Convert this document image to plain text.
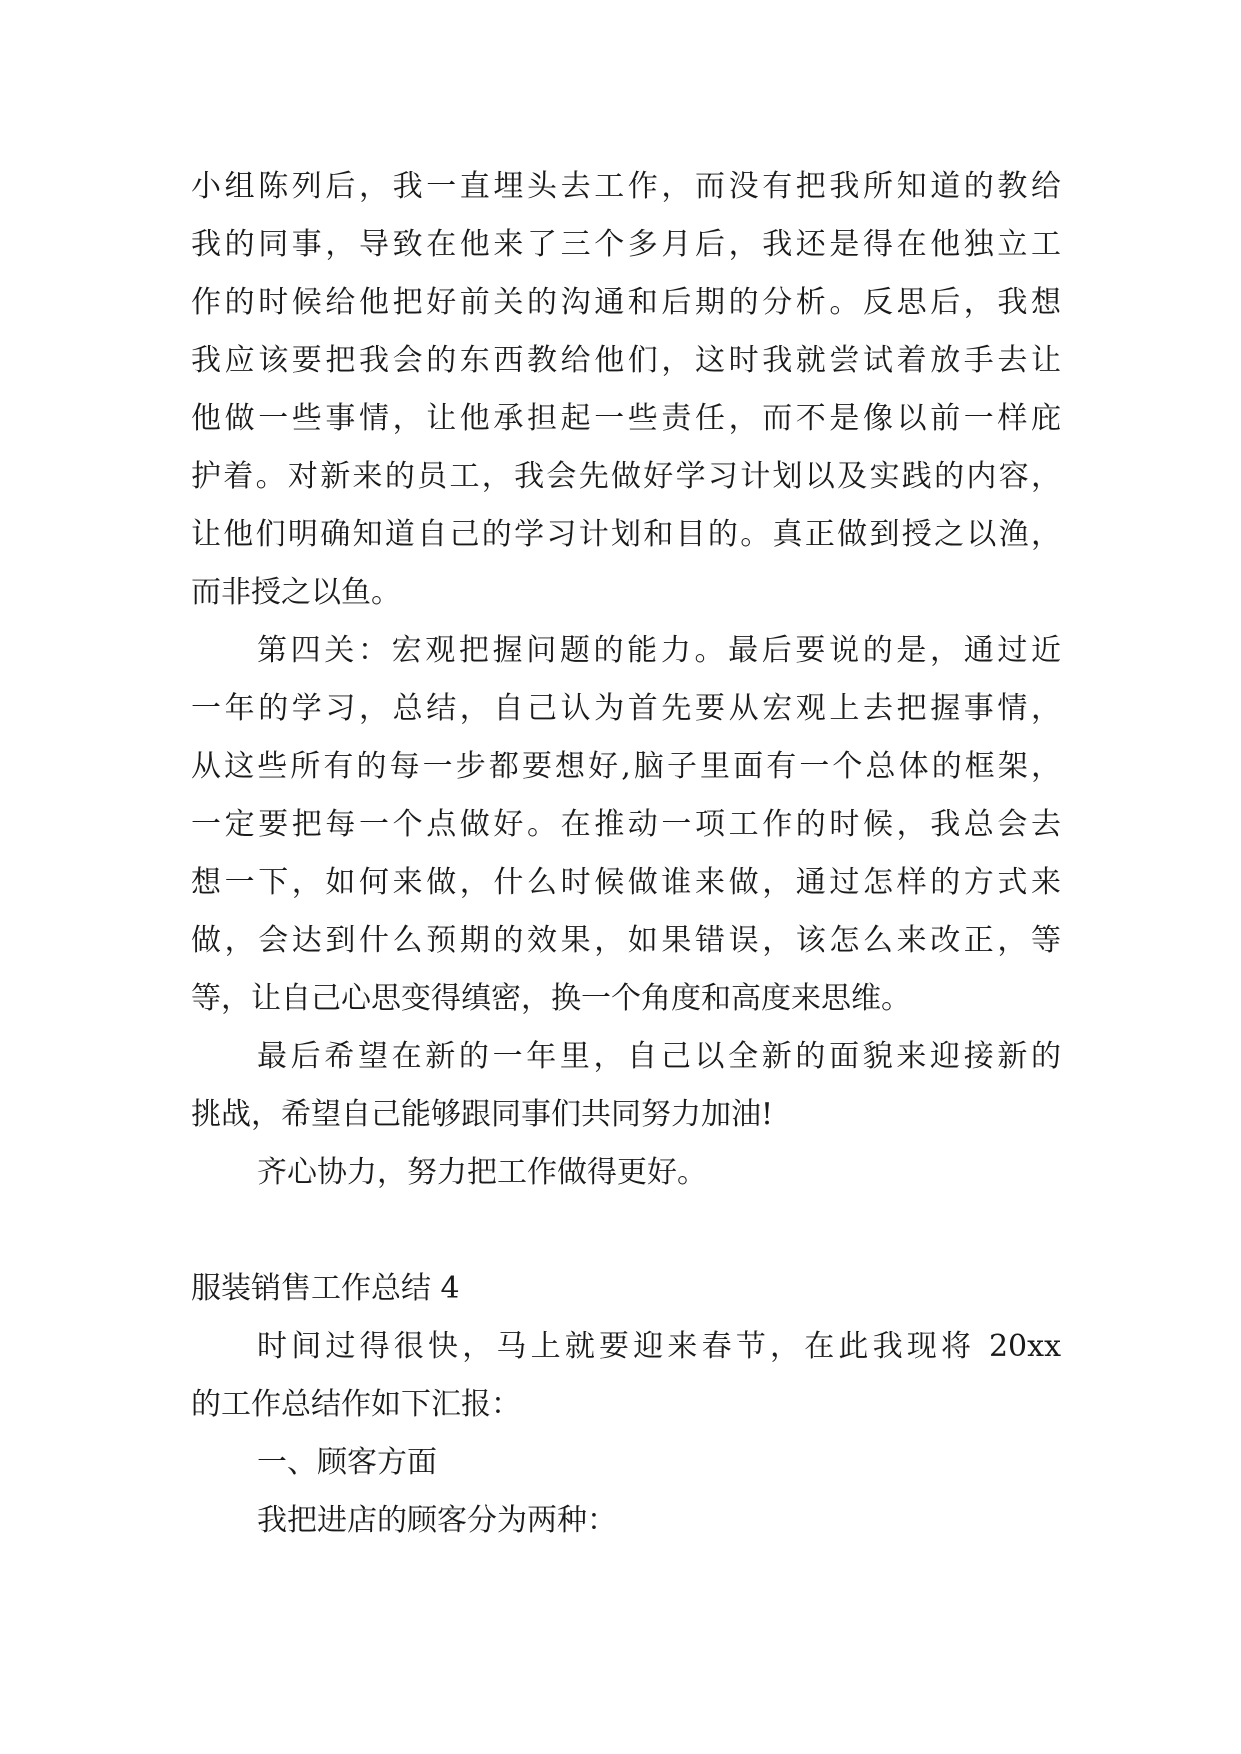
小组陈列后，我一直埋头去工作，而没有把我所知道的教给
我的同事，导致在他来了三个多月后，我还是得在他独立工
作的时候给他把好前关的沟通和后期的分析。反思后，我想
我应该要把我会的东西教给他们，这时我就尝试着放手去让
他做一些事情，让他承担起一些责任，而不是像以前一样庇
护着。对新来的员工，我会先做好学习计划以及实践的内容，
让他们明确知道自己的学习计划和目的。真正做到授之以渔，
而非授之以鱼。
第四关：宏观把握问题的能力。最后要说的是，通过近
一年的学习，总结，自己认为首先要从宏观上去把握事情，
从这些所有的每一步都要想好,脑子里面有一个总体的框架，
一定要把每一个点做好。在推动一项工作的时候，我总会去
想一下，如何来做，什么时候做谁来做，通过怎样的方式来
做，会达到什么预期的效果，如果错误，该怎么来改正，等
等，让自己心思变得缜密，换一个角度和高度来思维。
最后希望在新的一年里，自己以全新的面貌来迎接新的
挑战，希望自己能够跟同事们共同努力加油!
齐心协力，努力把工作做得更好。
服装销售工作总结 4
时间过得很快，马上就要迎来春节，在此我现将 20xx
的工作总结作如下汇报：
一、顾客方面
我把进店的顾客分为两种：
